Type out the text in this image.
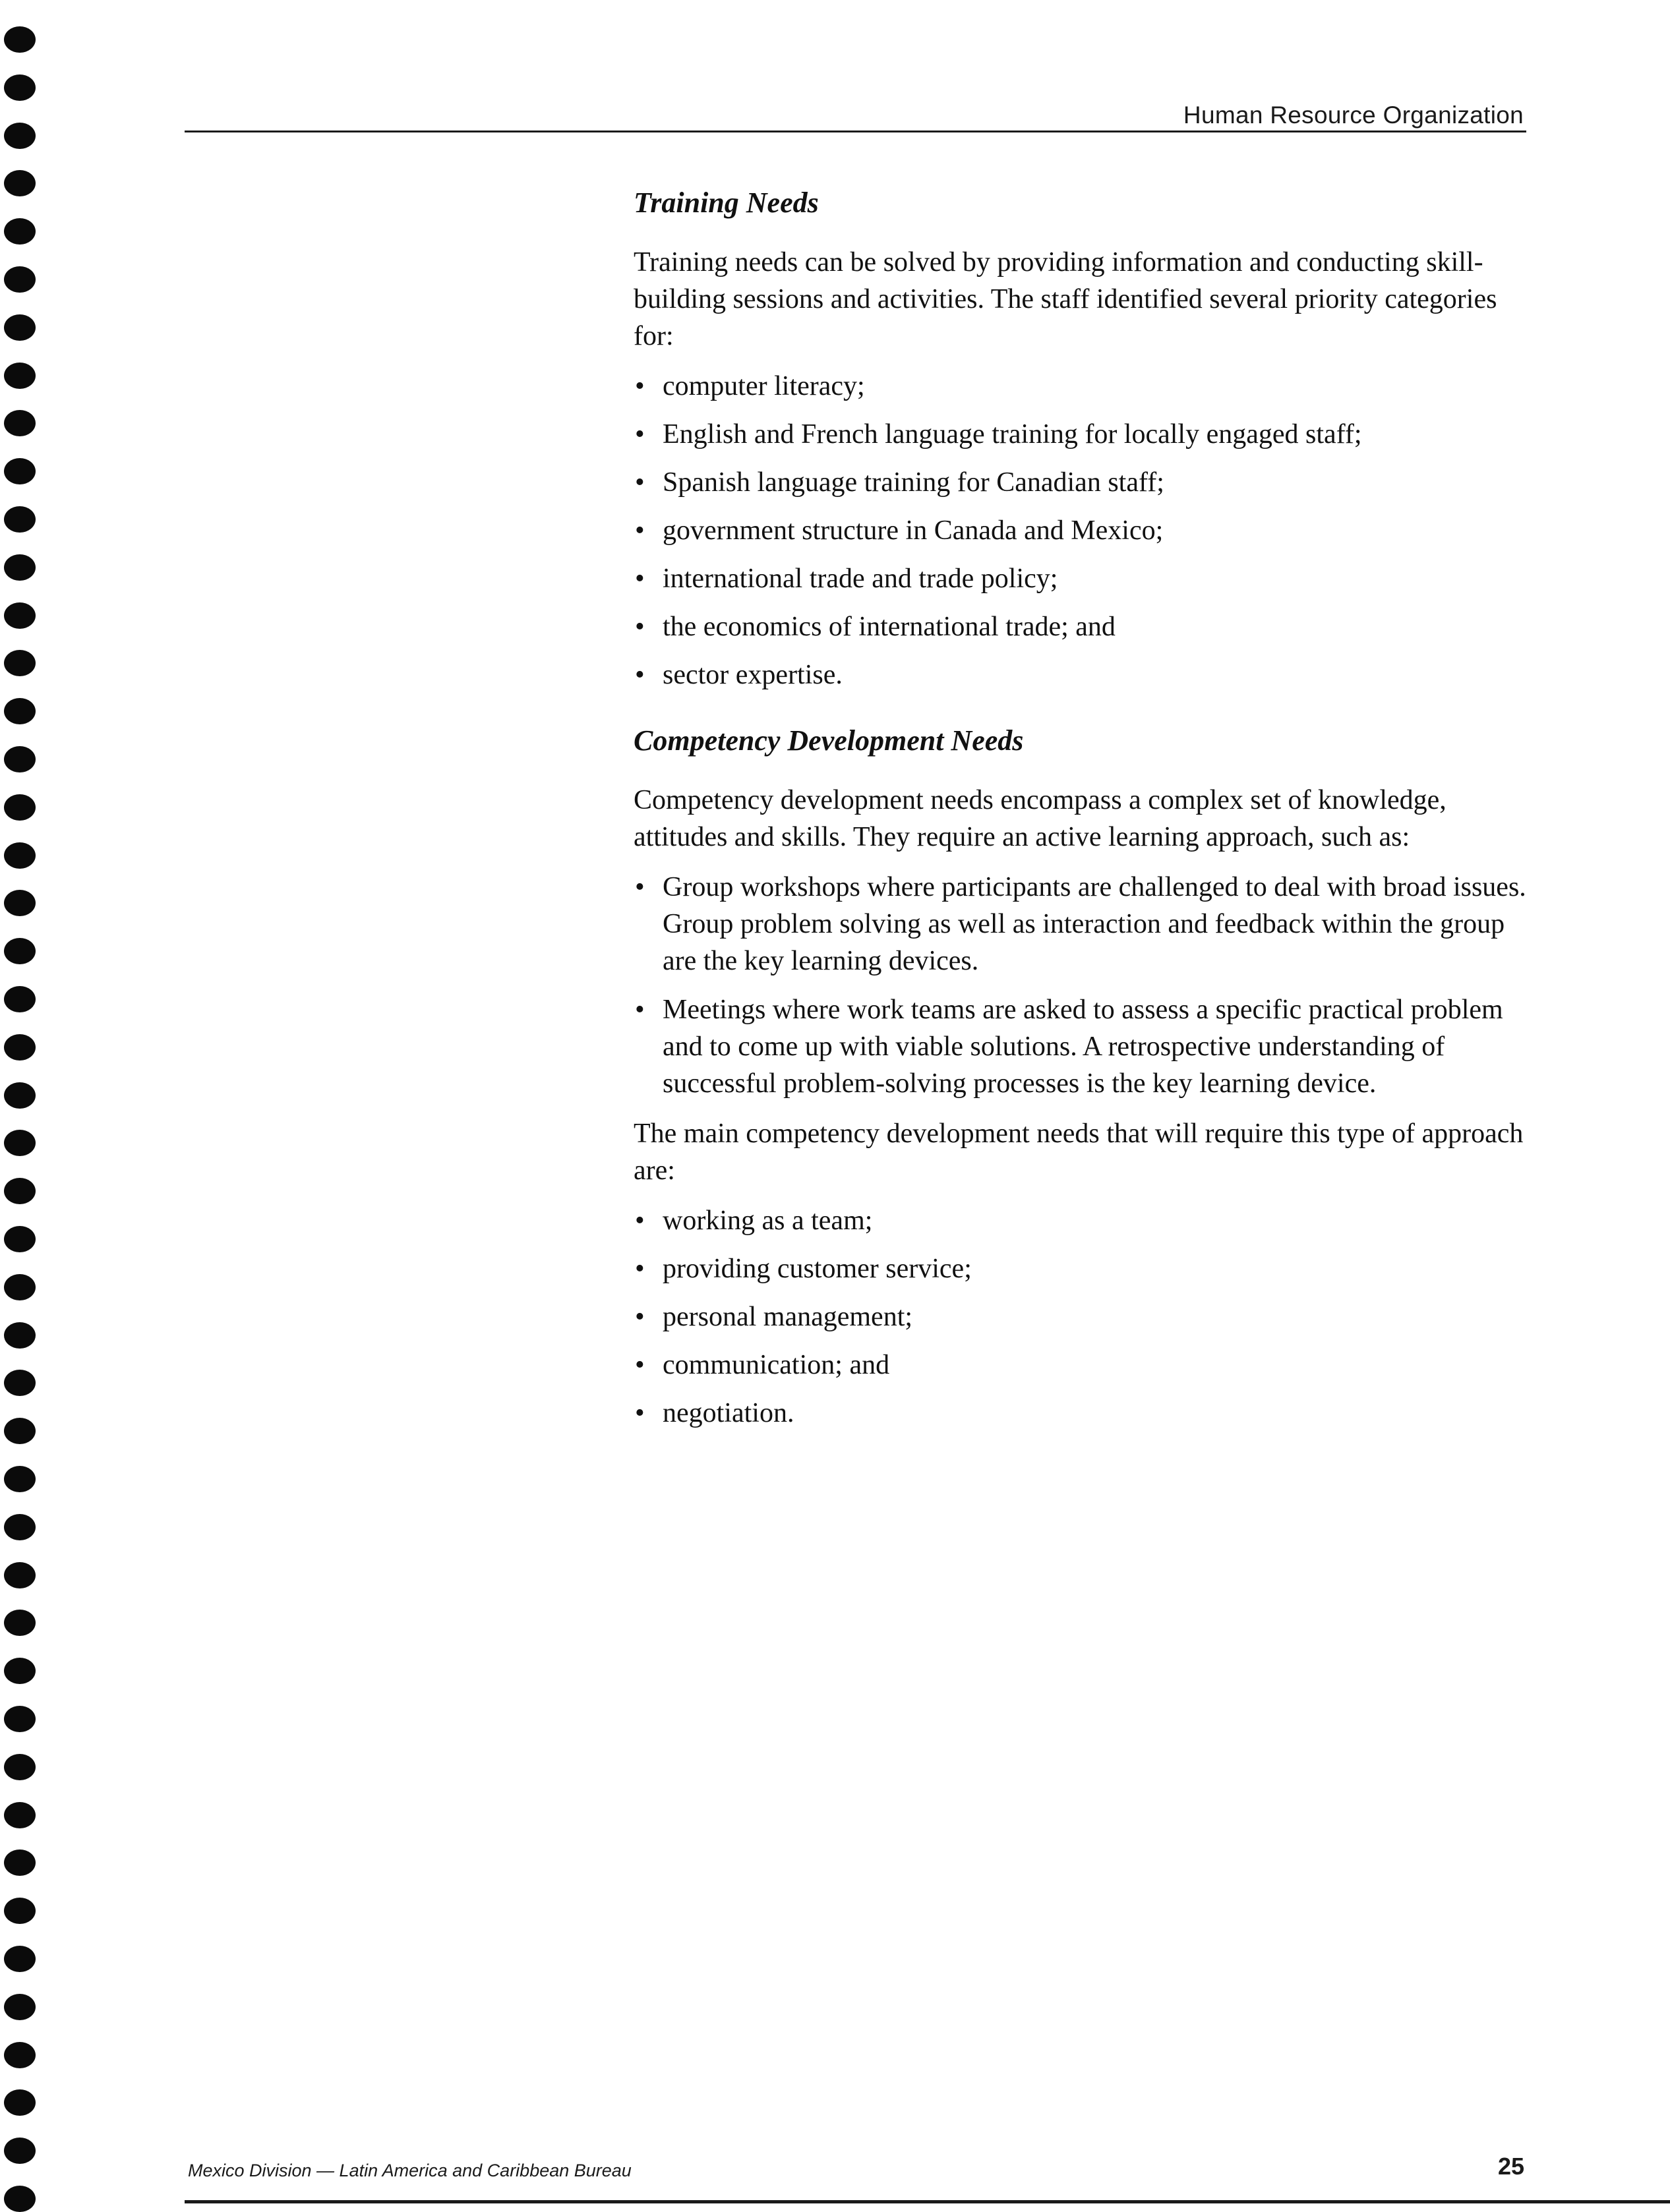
Human Resource Organization
Training Needs

Training needs can be solved by providing information and conducting skill-building sessions and activities. The staff identified several priority categories for:

• computer literacy;
• English and French language training for locally engaged staff;
• Spanish language training for Canadian staff;
• government structure in Canada and Mexico;
• international trade and trade policy;
• the economics of international trade; and
• sector expertise.
Competency Development Needs

Competency development needs encompass a complex set of knowledge, attitudes and skills. They require an active learning approach, such as:

• Group workshops where participants are challenged to deal with broad issues. Group problem solving as well as interaction and feedback within the group are the key learning devices.
• Meetings where work teams are asked to assess a specific practical problem and to come up with viable solutions. A retrospective understanding of successful problem-solving processes is the key learning device.

The main competency development needs that will require this type of approach are:

• working as a team;
• providing customer service;
• personal management;
• communication; and
• negotiation.
Mexico Division — Latin America and Caribbean Bureau	25
